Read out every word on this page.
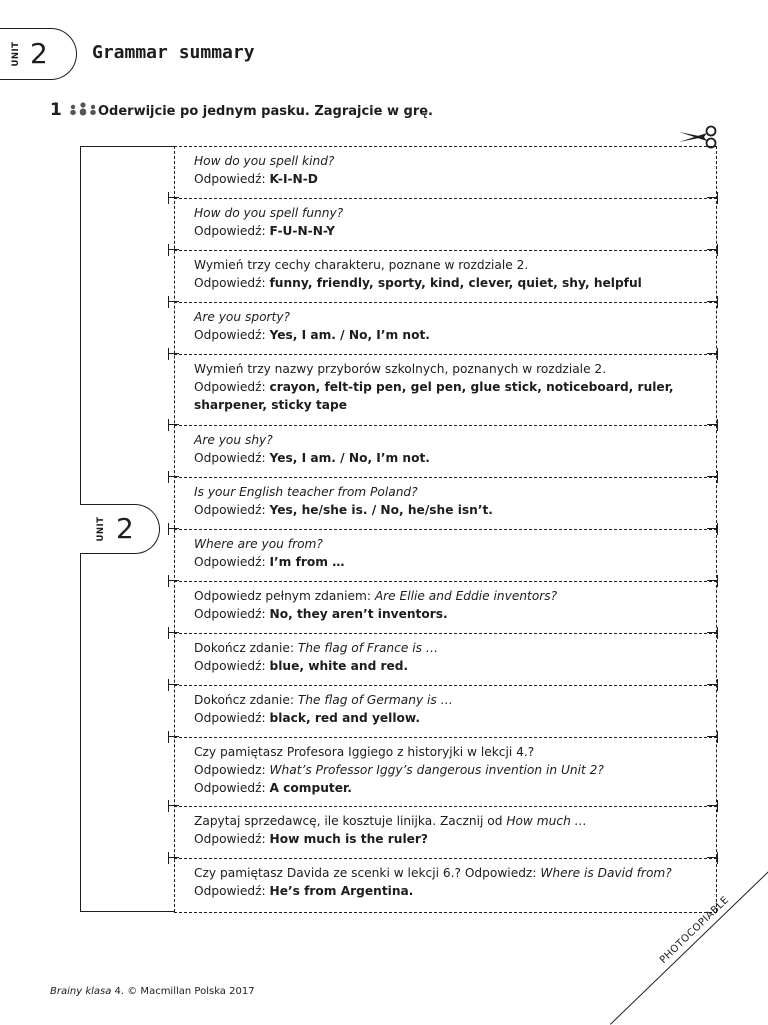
UNIT 2 Grammar summary
1	Oderwijcie po jednym pasku. Zagrajcie w grę.
UNIT 2
How do you spell kind?
Odpowiedź: K-I-N-D
How do you spell funny?
Odpowiedź: F-U-N-N-Y
Wymień trzy cechy charakteru, poznane w rozdziale 2.
Odpowiedź: funny, friendly, sporty, kind, clever, quiet, shy, helpful
Are you sporty?
Odpowiedź: Yes, I am. / No, I’m not.
Wymień trzy nazwy przyborów szkolnych, poznanych w rozdziale 2.
Odpowiedź: crayon, felt-tip pen, gel pen, glue stick, noticeboard, ruler, sharpener, sticky tape
Are you shy?
Odpowiedź: Yes, I am. / No, I’m not.
Is your English teacher from Poland?
Odpowiedź: Yes, he/she is. / No, he/she isn’t.
Where are you from?
Odpowiedź: I’m from …
Odpowiedz pełnym zdaniem: Are Ellie and Eddie inventors?
Odpowiedź: No, they aren’t inventors.
Dokończ zdanie: The flag of France is …
Odpowiedź: blue, white and red.
Dokończ zdanie: The flag of Germany is …
Odpowiedź: black, red and yellow.
Czy pamiętasz Profesora Iggiego z historyjki w lekcji 4.?
Odpowiedz: What’s Professor Iggy’s dangerous invention in Unit 2?
Odpowiedź: A computer.
Zapytaj sprzedawcę, ile kosztuje linijka. Zacznij od How much …
Odpowiedź: How much is the ruler?
Czy pamiętasz Davida ze scenki w lekcji 6.? Odpowiedz: Where is David from?
Odpowiedź: He’s from Argentina.
Brainy klasa 4. © Macmillan Polska 2017
PHOTOCOPIABLE
